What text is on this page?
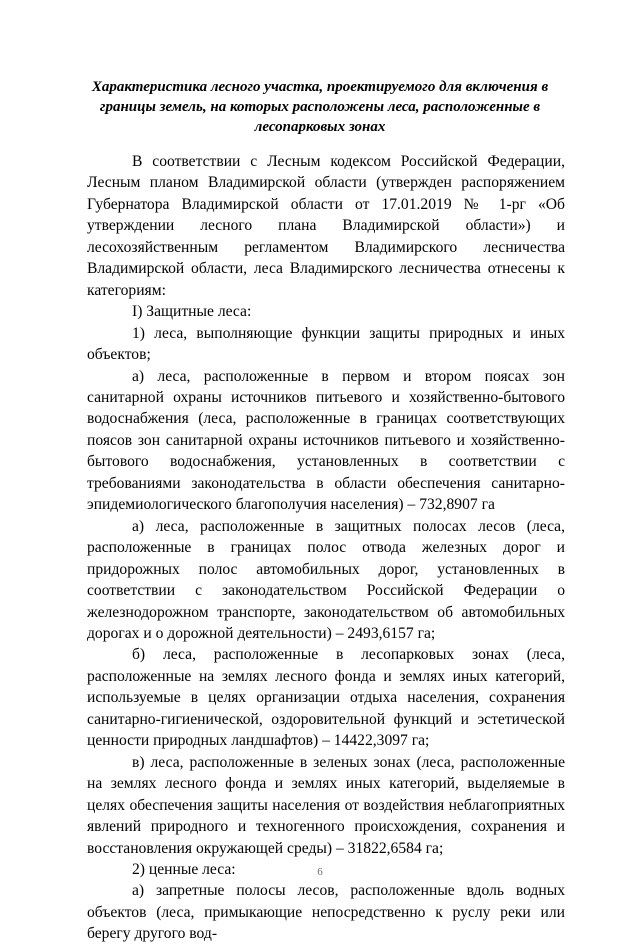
Характеристика лесного участка, проектируемого для включения в границы земель, на которых расположены леса, расположенные в лесопарковых зонах

В соответствии с Лесным кодексом Российской Федерации, Лесным планом Владимирской области (утвержден распоряжением Губернатора Владимирской области от 17.01.2019 № 1-рг «Об утверждении лесного плана Владимирской области») и лесохозяйственным регламентом Владимирского лесничества Владимирской области, леса Владимирского лесничества отнесены к категориям:

I) Защитные леса:

1) леса, выполняющие функции защиты природных и иных объектов;

а) леса, расположенные в первом и втором поясах зон санитарной охраны источников питьевого и хозяйственно-бытового водоснабжения (леса, расположенные в границах соответствующих поясов зон санитарной охраны источников питьевого и хозяйственно-бытового водоснабжения, установленных в соответствии с требованиями законодательства в области обеспечения санитарно-эпидемиологического благополучия населения) – 732,8907 га

а) леса, расположенные в защитных полосах лесов (леса, расположенные в границах полос отвода железных дорог и придорожных полос автомобильных дорог, установленных в соответствии с законодательством Российской Федерации о железнодорожном транспорте, законодательством об автомобильных дорогах и о дорожной деятельности) – 2493,6157 га;

б) леса, расположенные в лесопарковых зонах (леса, расположенные на землях лесного фонда и землях иных категорий, используемые в целях организации отдыха населения, сохранения санитарно-гигиенической, оздоровительной функций и эстетической ценности природных ландшафтов) – 14422,3097 га;

в) леса, расположенные в зеленых зонах (леса, расположенные на землях лесного фонда и землях иных категорий, выделяемые в целях обеспечения защиты населения от воздействия неблагоприятных явлений природного и техногенного происхождения, сохранения и восстановления окружающей среды) – 31822,6584 га;

2) ценные леса:

а) запретные полосы лесов, расположенные вдоль водных объектов (леса, примыкающие непосредственно к руслу реки или берегу другого вод-

6
